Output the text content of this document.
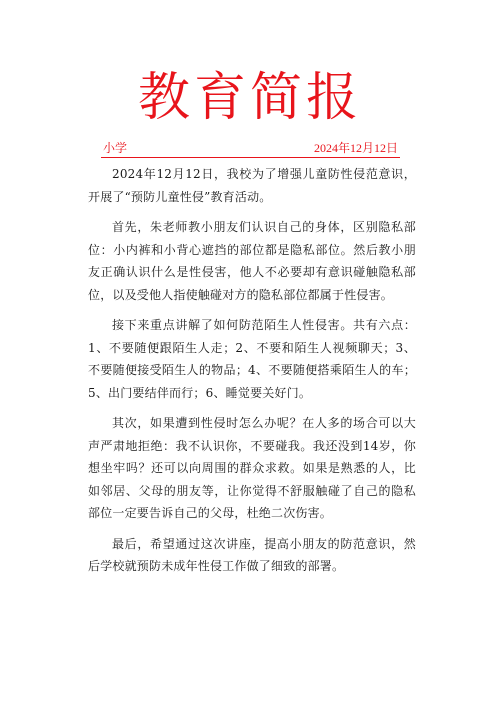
教育简报
小学	2024年12月12日

2024年12月12日，我校为了增强儿童防性侵范意识，开展了“预防儿童性侵”教育活动。

首先，朱老师教小朋友们认识自己的身体，区别隐私部位：小内裤和小背心遮挡的部位都是隐私部位。然后教小朋友正确认识什么是性侵害，他人不必要却有意识碰触隐私部位，以及受他人指使触碰对方的隐私部位都属于性侵害。

接下来重点讲解了如何防范陌生人性侵害。共有六点：1、不要随便跟陌生人走；2、不要和陌生人视频聊天；3、不要随便接受陌生人的物品；4、不要随便搭乘陌生人的车；5、出门要结伴而行；6、睡觉要关好门。

其次，如果遭到性侵时怎么办呢？在人多的场合可以大声严肃地拒绝：我不认识你，不要碰我。我还没到14岁，你想坐牢吗？还可以向周围的群众求救。如果是熟悉的人，比如邻居、父母的朋友等，让你觉得不舒服触碰了自己的隐私部位一定要告诉自己的父母，杜绝二次伤害。

最后，希望通过这次讲座，提高小朋友的防范意识，然后学校就预防未成年性侵工作做了细致的部署。
